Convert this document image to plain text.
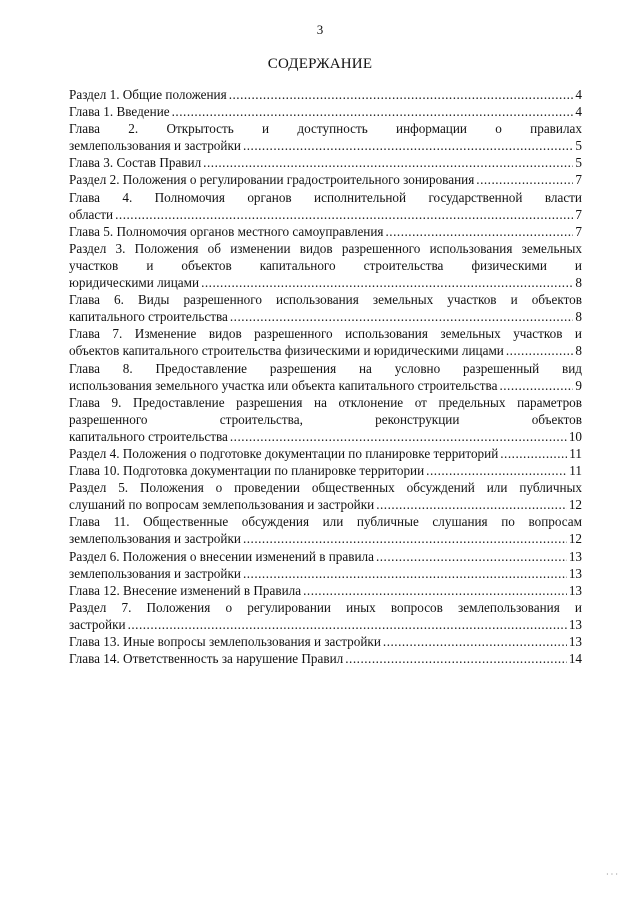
3
СОДЕРЖАНИЕ
Раздел 1. Общие положения .....	4
Глава 1. Введение .....	4
Глава 2. Открытость и доступность информации о правилах
землепользования и застройки .....	5
Глава 3. Состав Правил .....	5
Раздел 2. Положения о регулировании градостроительного зонирования .....	7
Глава 4. Полномочия органов исполнительной государственной власти
области .....	7
Глава 5. Полномочия органов местного самоуправления .....	7
Раздел 3. Положения об изменении видов разрешенного использования земельных участков и объектов капитального строительства физическими и
юридическими лицами .....	8
Глава 6. Виды разрешенного использования земельных участков и объектов
капитального строительства .....	8
Глава 7. Изменение видов разрешенного использования земельных участков и
объектов капитального строительства физическими и юридическими лицами .....	8
Глава 8. Предоставление разрешения на условно разрешенный вид
использования земельного участка или объекта капитального строительства .....	9
Глава 9. Предоставление разрешения на отклонение от предельных параметров разрешенного строительства, реконструкции объектов
капитального строительства .....	10
Раздел 4. Положения о подготовке документации по планировке территорий .....	11
Глава 10. Подготовка документации по планировке территории .....	11
Раздел 5. Положения о проведении общественных обсуждений или публичных
слушаний по вопросам землепользования и застройки .....	12
Глава 11. Общественные обсуждения или публичные слушания по вопросам
землепользования и застройки .....	12
Раздел 6. Положения о внесении изменений в правила .....	13
землепользования и застройки .....	13
Глава 12. Внесение изменений в Правила .....	13
Раздел 7. Положения о регулировании иных вопросов землепользования и
застройки .....	13
Глава 13. Иные вопросы землепользования и застройки .....	13
Глава 14. Ответственность за нарушение Правил .....	14
· · ·
